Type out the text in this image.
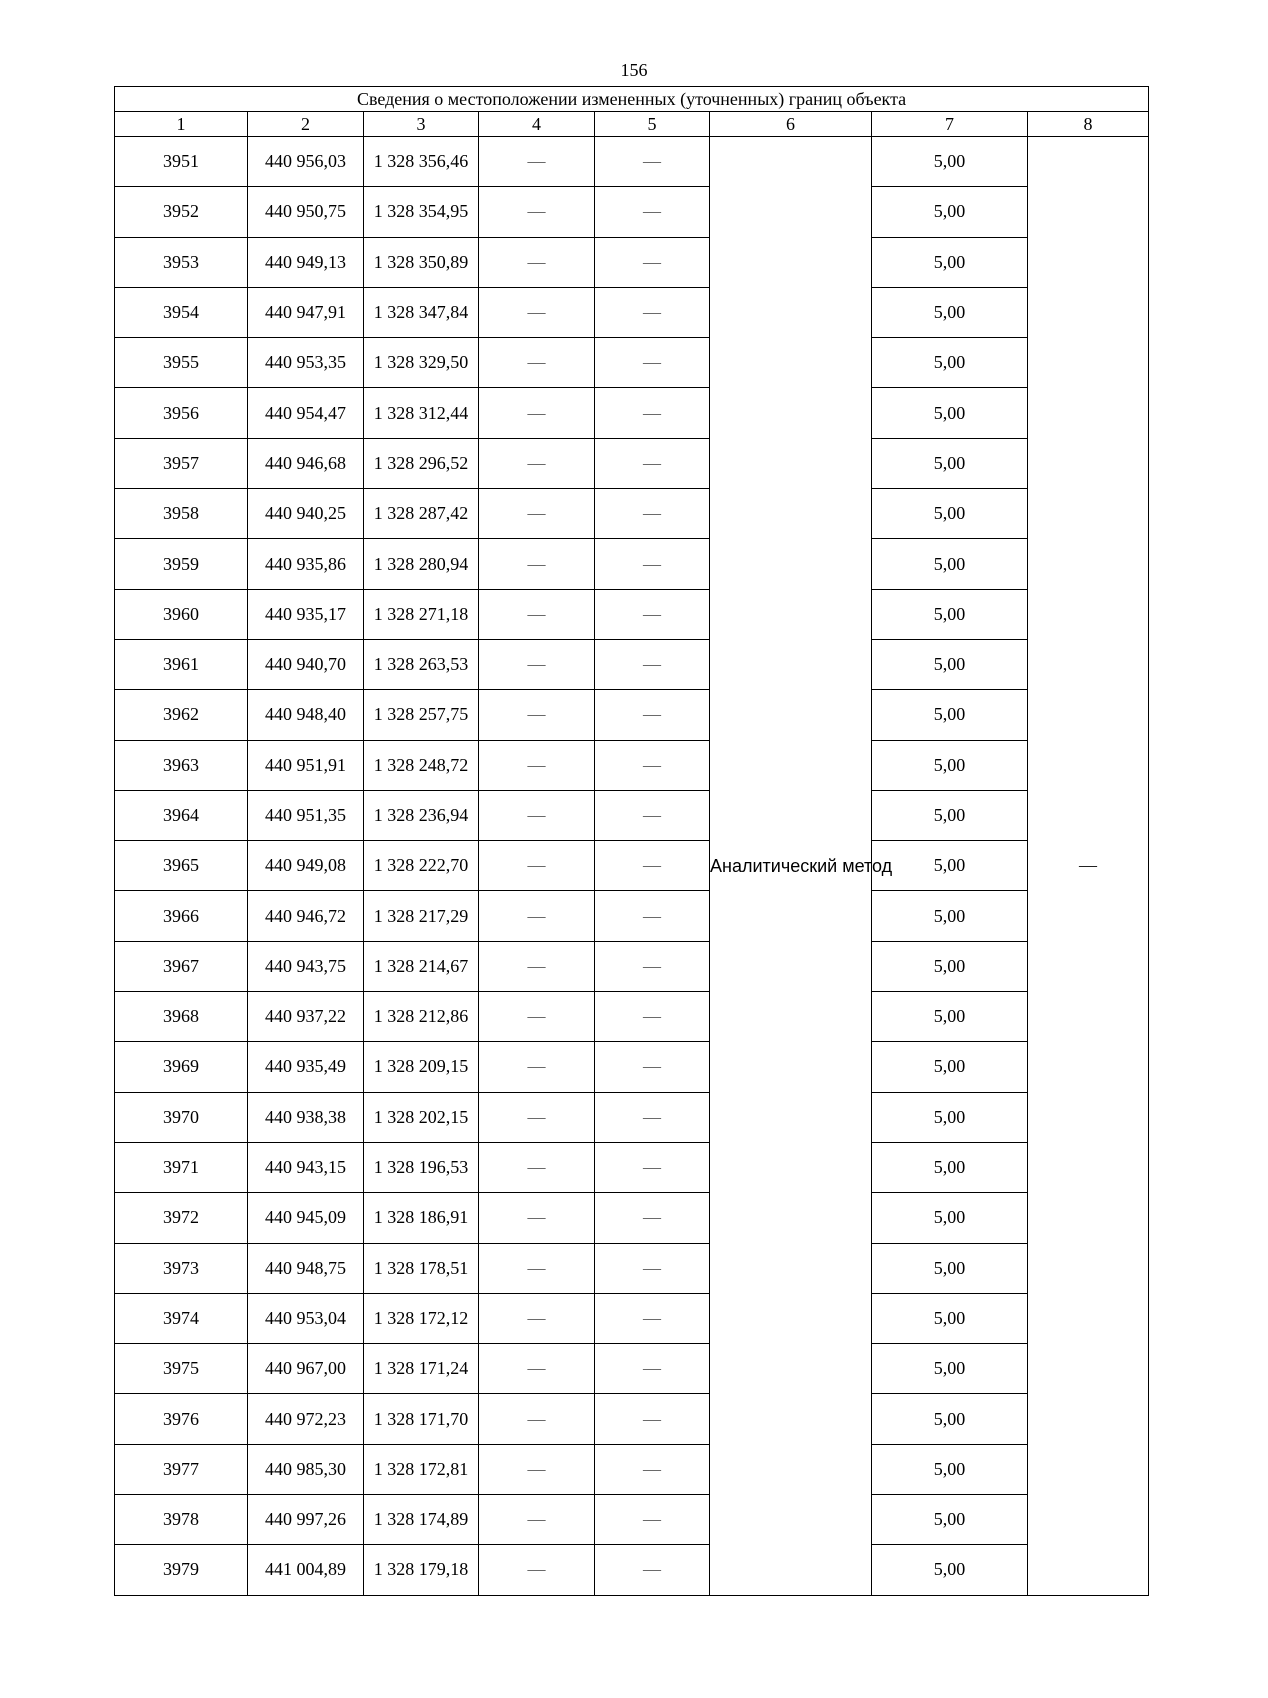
156
Сведения о местоположении измененных (уточненных) границ объекта							
1	2	3	4	5	6	7	8
3951	440 956,03	1 328 356,46	—	—	Аналитический метод	5,00	—
3952	440 950,75	1 328 354,95	—	—		5,00	
3953	440 949,13	1 328 350,89	—	—		5,00	
3954	440 947,91	1 328 347,84	—	—		5,00	
3955	440 953,35	1 328 329,50	—	—		5,00	
3956	440 954,47	1 328 312,44	—	—		5,00	
3957	440 946,68	1 328 296,52	—	—		5,00	
3958	440 940,25	1 328 287,42	—	—		5,00	
3959	440 935,86	1 328 280,94	—	—		5,00	
3960	440 935,17	1 328 271,18	—	—		5,00	
3961	440 940,70	1 328 263,53	—	—		5,00	
3962	440 948,40	1 328 257,75	—	—		5,00	
3963	440 951,91	1 328 248,72	—	—		5,00	
3964	440 951,35	1 328 236,94	—	—		5,00	
3965	440 949,08	1 328 222,70	—	—		5,00	
3966	440 946,72	1 328 217,29	—	—		5,00	
3967	440 943,75	1 328 214,67	—	—		5,00	
3968	440 937,22	1 328 212,86	—	—		5,00	
3969	440 935,49	1 328 209,15	—	—		5,00	
3970	440 938,38	1 328 202,15	—	—		5,00	
3971	440 943,15	1 328 196,53	—	—		5,00	
3972	440 945,09	1 328 186,91	—	—		5,00	
3973	440 948,75	1 328 178,51	—	—		5,00	
3974	440 953,04	1 328 172,12	—	—		5,00	
3975	440 967,00	1 328 171,24	—	—		5,00	
3976	440 972,23	1 328 171,70	—	—		5,00	
3977	440 985,30	1 328 172,81	—	—		5,00	
3978	440 997,26	1 328 174,89	—	—		5,00	
3979	441 004,89	1 328 179,18	—	—		5,00	
